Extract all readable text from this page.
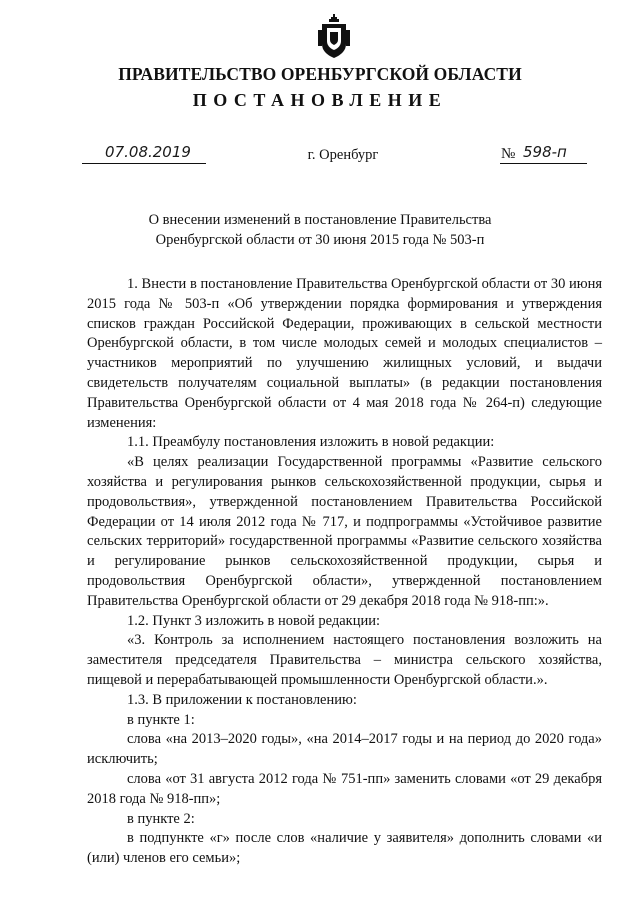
ПРАВИТЕЛЬСТВО ОРЕНБУРГСКОЙ ОБЛАСТИ
ПОСТАНОВЛЕНИЕ
07.08.2019	г. Оренбург	№ 598-п
О внесении изменений в постановление Правительства
Оренбургской области от 30 июня 2015 года № 503-п

1. Внести в постановление Правительства Оренбургской области от 30 июня 2015 года № 503-п «Об утверждении порядка формирования и утверждения списков граждан Российской Федерации, проживающих в сельской местности Оренбургской области, в том числе молодых семей и молодых специалистов – участников мероприятий по улучшению жилищных условий, и выдачи свидетельств получателям социальной выплаты» (в редакции постановления Правительства Оренбургской области от 4 мая 2018 года № 264-п) следующие изменения:

1.1. Преамбулу постановления изложить в новой редакции:

«В целях реализации Государственной программы «Развитие сельского хозяйства и регулирования рынков сельскохозяйственной продукции, сырья и продовольствия», утвержденной постановлением Правительства Российской Федерации от 14 июля 2012 года № 717, и подпрограммы «Устойчивое развитие сельских территорий» государственной программы «Развитие сельского хозяйства и регулирование рынков сельскохозяйственной продукции, сырья и продовольствия Оренбургской области», утвержденной постановлением Правительства Оренбургской области от 29 декабря 2018 года № 918-пп:».

1.2. Пункт 3 изложить в новой редакции:

«3. Контроль за исполнением настоящего постановления возложить на заместителя председателя Правительства – министра сельского хозяйства, пищевой и перерабатывающей промышленности Оренбургской области.».

1.3. В приложении к постановлению:

в пункте 1:

слова «на 2013–2020 годы», «на 2014–2017 годы и на период до 2020 года» исключить;

слова «от 31 августа 2012 года № 751-пп» заменить словами «от 29 декабря 2018 года № 918-пп»;

в пункте 2:

в подпункте «г» после слов «наличие у заявителя» дополнить словами «и (или) членов его семьи»;
